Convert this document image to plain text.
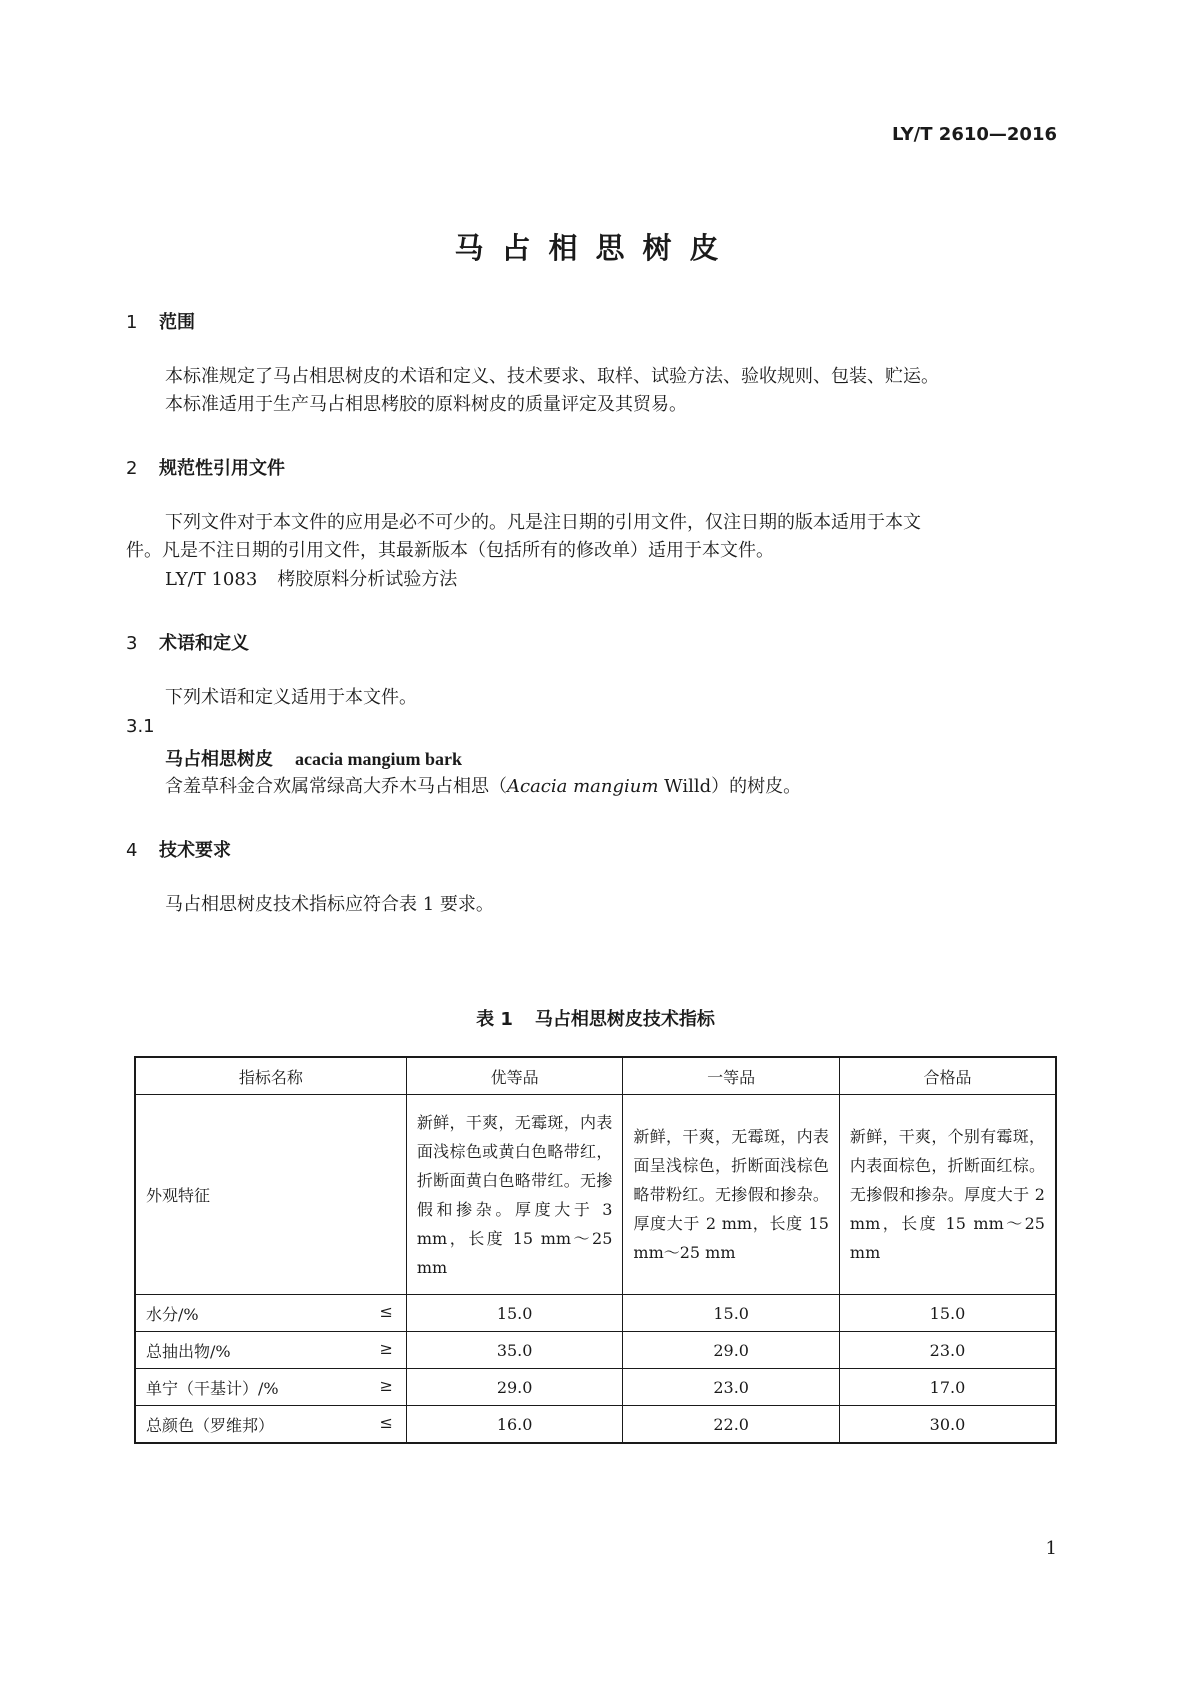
LY/T 2610—2016
马占相思树皮
1 范围
本标准规定了马占相思树皮的术语和定义、技术要求、取样、试验方法、验收规则、包装、贮运。
本标准适用于生产马占相思栲胶的原料树皮的质量评定及其贸易。
2 规范性引用文件
下列文件对于本文件的应用是必不可少的。凡是注日期的引用文件，仅注日期的版本适用于本文
件。凡是不注日期的引用文件，其最新版本（包括所有的修改单）适用于本文件。
LY/T 1083 栲胶原料分析试验方法
3 术语和定义
下列术语和定义适用于本文件。
3.1
马占相思树皮 acacia mangium bark
含羞草科金合欢属常绿高大乔木马占相思（Acacia mangium Willd）的树皮。
4 技术要求
马占相思树皮技术指标应符合表 1 要求。
表 1 马占相思树皮技术指标
指标名称	优等品	一等品	合格品

外观特征	新鲜，干爽，无霉斑，内表面浅棕色或黄白色略带红，折断面黄白色略带红。无掺假和掺杂。厚度大于 3 mm，长度 15 mm～25 mm	新鲜，干爽，无霉斑，内表面呈浅棕色，折断面浅棕色略带粉红。无掺假和掺杂。厚度大于 2 mm，长度 15 mm～25 mm	新鲜，干爽，个别有霉斑，内表面棕色，折断面红棕。无掺假和掺杂。厚度大于 2 mm，长度 15 mm～25 mm

水分/% ≤	15.0	15.0	15.0

总抽出物/% ≥	35.0	29.0	23.0

单宁（干基计）/% ≥	29.0	23.0	17.0

总颜色（罗维邦） ≤	16.0	22.0	30.0
1
